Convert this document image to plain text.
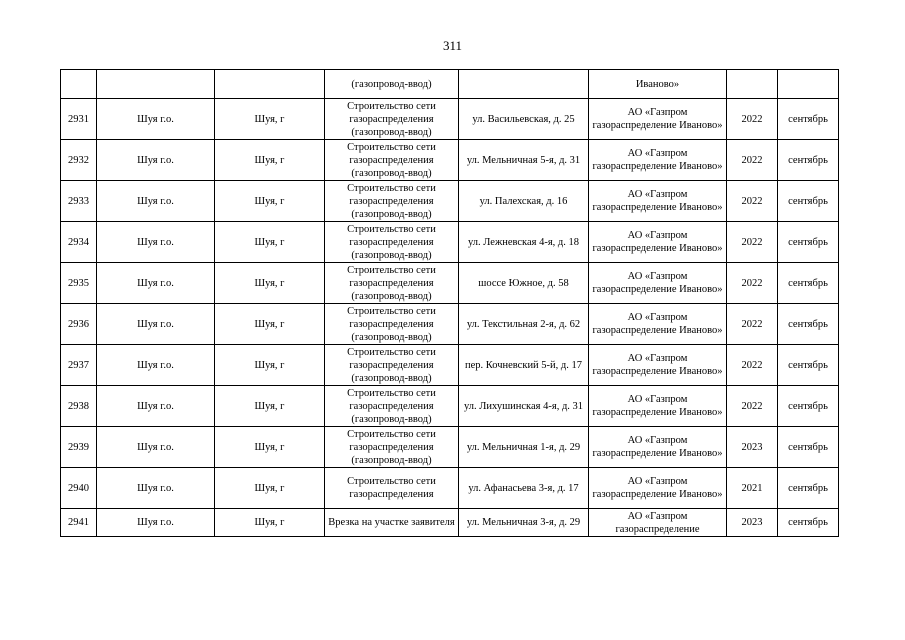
311
			(газопровод-ввод)		Иваново»		
2931	Шуя г.о.	Шуя, г	Строительство сети газораспределения (газопровод-ввод)	ул. Васильевская, д. 25	АО «Газпром газораспределение Иваново»	2022	сентябрь
2932	Шуя г.о.	Шуя, г	Строительство сети газораспределения (газопровод-ввод)	ул. Мельничная 5-я, д. 31	АО «Газпром газораспределение Иваново»	2022	сентябрь
2933	Шуя г.о.	Шуя, г	Строительство сети газораспределения (газопровод-ввод)	ул. Палехская, д. 16	АО «Газпром газораспределение Иваново»	2022	сентябрь
2934	Шуя г.о.	Шуя, г	Строительство сети газораспределения (газопровод-ввод)	ул. Лежневская 4-я, д. 18	АО «Газпром газораспределение Иваново»	2022	сентябрь
2935	Шуя г.о.	Шуя, г	Строительство сети газораспределения (газопровод-ввод)	шоссе Южное, д. 58	АО «Газпром газораспределение Иваново»	2022	сентябрь
2936	Шуя г.о.	Шуя, г	Строительство сети газораспределения (газопровод-ввод)	ул. Текстильная 2-я, д. 62	АО «Газпром газораспределение Иваново»	2022	сентябрь
2937	Шуя г.о.	Шуя, г	Строительство сети газораспределения (газопровод-ввод)	пер. Кочневский 5-й, д. 17	АО «Газпром газораспределение Иваново»	2022	сентябрь
2938	Шуя г.о.	Шуя, г	Строительство сети газораспределения (газопровод-ввод)	ул. Лихушинская 4-я, д. 31	АО «Газпром газораспределение Иваново»	2022	сентябрь
2939	Шуя г.о.	Шуя, г	Строительство сети газораспределения (газопровод-ввод)	ул. Мельничная 1-я, д. 29	АО «Газпром газораспределение Иваново»	2023	сентябрь
2940	Шуя г.о.	Шуя, г	Строительство сети газораспределения	ул. Афанасьева 3-я, д. 17	АО «Газпром газораспределение Иваново»	2021	сентябрь
2941	Шуя г.о.	Шуя, г	Врезка на участке заявителя	ул. Мельничная 3-я, д. 29	АО «Газпром газораспределение	2023	сентябрь
